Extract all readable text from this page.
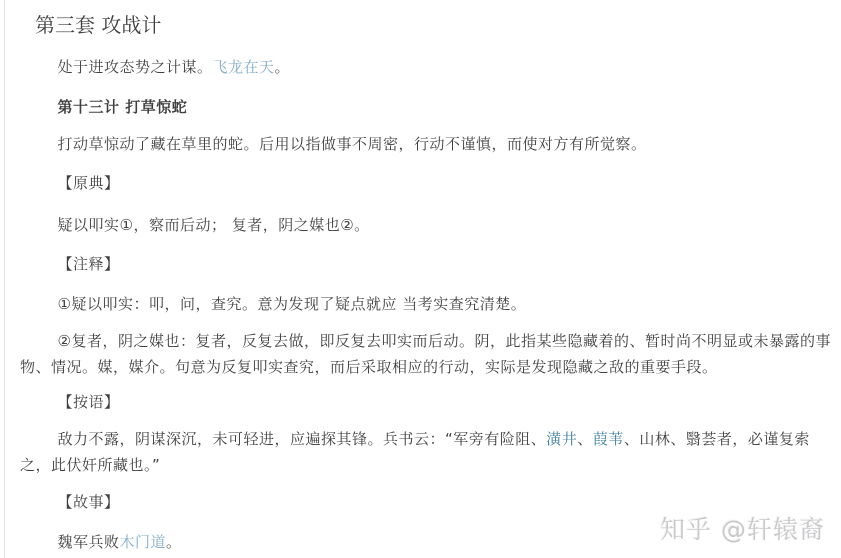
第三套 攻战计

处于进攻态势之计谋。飞龙在天。

第十三计 打草惊蛇

打动草惊动了藏在草里的蛇。后用以指做事不周密，行动不谨慎，而使对方有所觉察。

【原典】

疑以叩实①，察而后动； 复者，阴之媒也②。

【注释】

①疑以叩实：叩，问，查究。意为发现了疑点就应 当考实查究清楚。

②复者，阴之媒也：复者，反复去做，即反复去叩实而后动。阴，此指某些隐藏着的、暂时尚不明显或未暴露的事物、情况。媒，媒介。句意为反复叩实查究，而后采取相应的行动，实际是发现隐藏之敌的重要手段。

【按语】

敌力不露，阴谋深沉，未可轻进，应遍探其锋。兵书云：“军旁有险阻、潢井、葭苇、山林、翳荟者，必谨复索之，此伏奸所藏也。”

【故事】

魏军兵败木门道。	知乎 @轩辕裔
